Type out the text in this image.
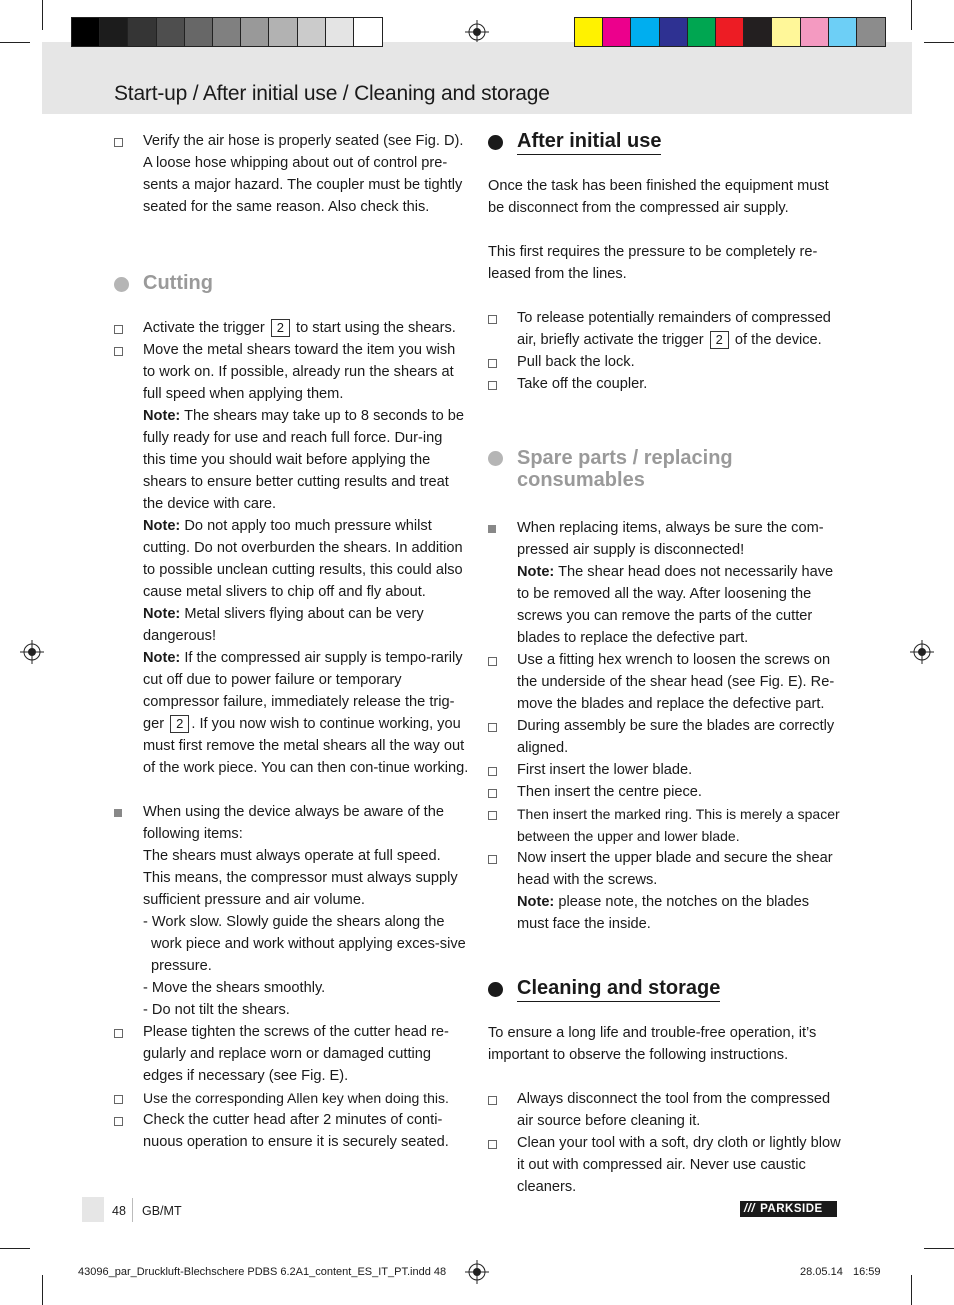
Start-up / After initial use / Cleaning and storage

Verify the air hose is properly seated (see Fig. D). A loose hose whipping about out of control pre-sents a major hazard. The coupler must be tightly seated for the same reason. Also check this.

Cutting

Activate the trigger 2 to start using the shears.

Move the metal shears toward the item you wish to work on. If possible, already run the shears at full speed when applying them.

Note: The shears may take up to 8 seconds to be fully ready for use and reach full force. Dur-ing this time you should wait before applying the shears to ensure better cutting results and treat the device with care.

Note: Do not apply too much pressure whilst cutting. Do not overburden the shears. In addition to possible unclean cutting results, this could also cause metal slivers to chip off and fly about.

Note: Metal slivers flying about can be very dangerous!

Note: If the compressed air supply is tempo-rarily cut off due to power failure or temporary compressor failure, immediately release the trig-ger 2 . If you now wish to continue working, you must first remove the metal shears all the way out of the work piece. You can then con-tinue working.

When using the device always be aware of the following items:

The shears must always operate at full speed. This means, the compressor must always supply sufficient pressure and air volume.

- Work slow. Slowly guide the shears along the work piece and work without applying exces-sive pressure.

- Move the shears smoothly.

- Do not tilt the shears.

Please tighten the screws of the cutter head re-gularly and replace worn or damaged cutting edges if necessary (see Fig. E).

Use the corresponding Allen key when doing this.

Check the cutter head after 2 minutes of conti-nuous operation to ensure it is securely seated.

After initial use

Once the task has been finished the equipment must be disconnect from the compressed air supply.

This first requires the pressure to be completely re-leased from the lines.

To release potentially remainders of compressed air, briefly activate the trigger 2 of the device.

Pull back the lock.

Take off the coupler.

Spare parts / replacing
consumables

When replacing items, always be sure the com-pressed air supply is disconnected!

Note: The shear head does not necessarily have to be removed all the way. After loosening the screws you can remove the parts of the cutter blades to replace the defective part.

Use a fitting hex wrench to loosen the screws on the underside of the shear head (see Fig. E). Re-move the blades and replace the defective part.

During assembly be sure the blades are correctly aligned.

First insert the lower blade.

Then insert the centre piece.

Then insert the marked ring. This is merely a spacer between the upper and lower blade.

Now insert the upper blade and secure the shear head with the screws.

Note: please note, the notches on the blades must face the inside.

Cleaning and storage

To ensure a long life and trouble-free operation, it’s important to observe the following instructions.

Always disconnect the tool from the compressed air source before cleaning it.

Clean your tool with a soft, dry cloth or lightly blow it out with compressed air. Never use caustic cleaners.

48 GB/MT	/// PARKSIDE
43096_par_Druckluft-Blechschere PDBS 6.2A1_content_ES_IT_PT.indd 48	28.05.14 16:59
